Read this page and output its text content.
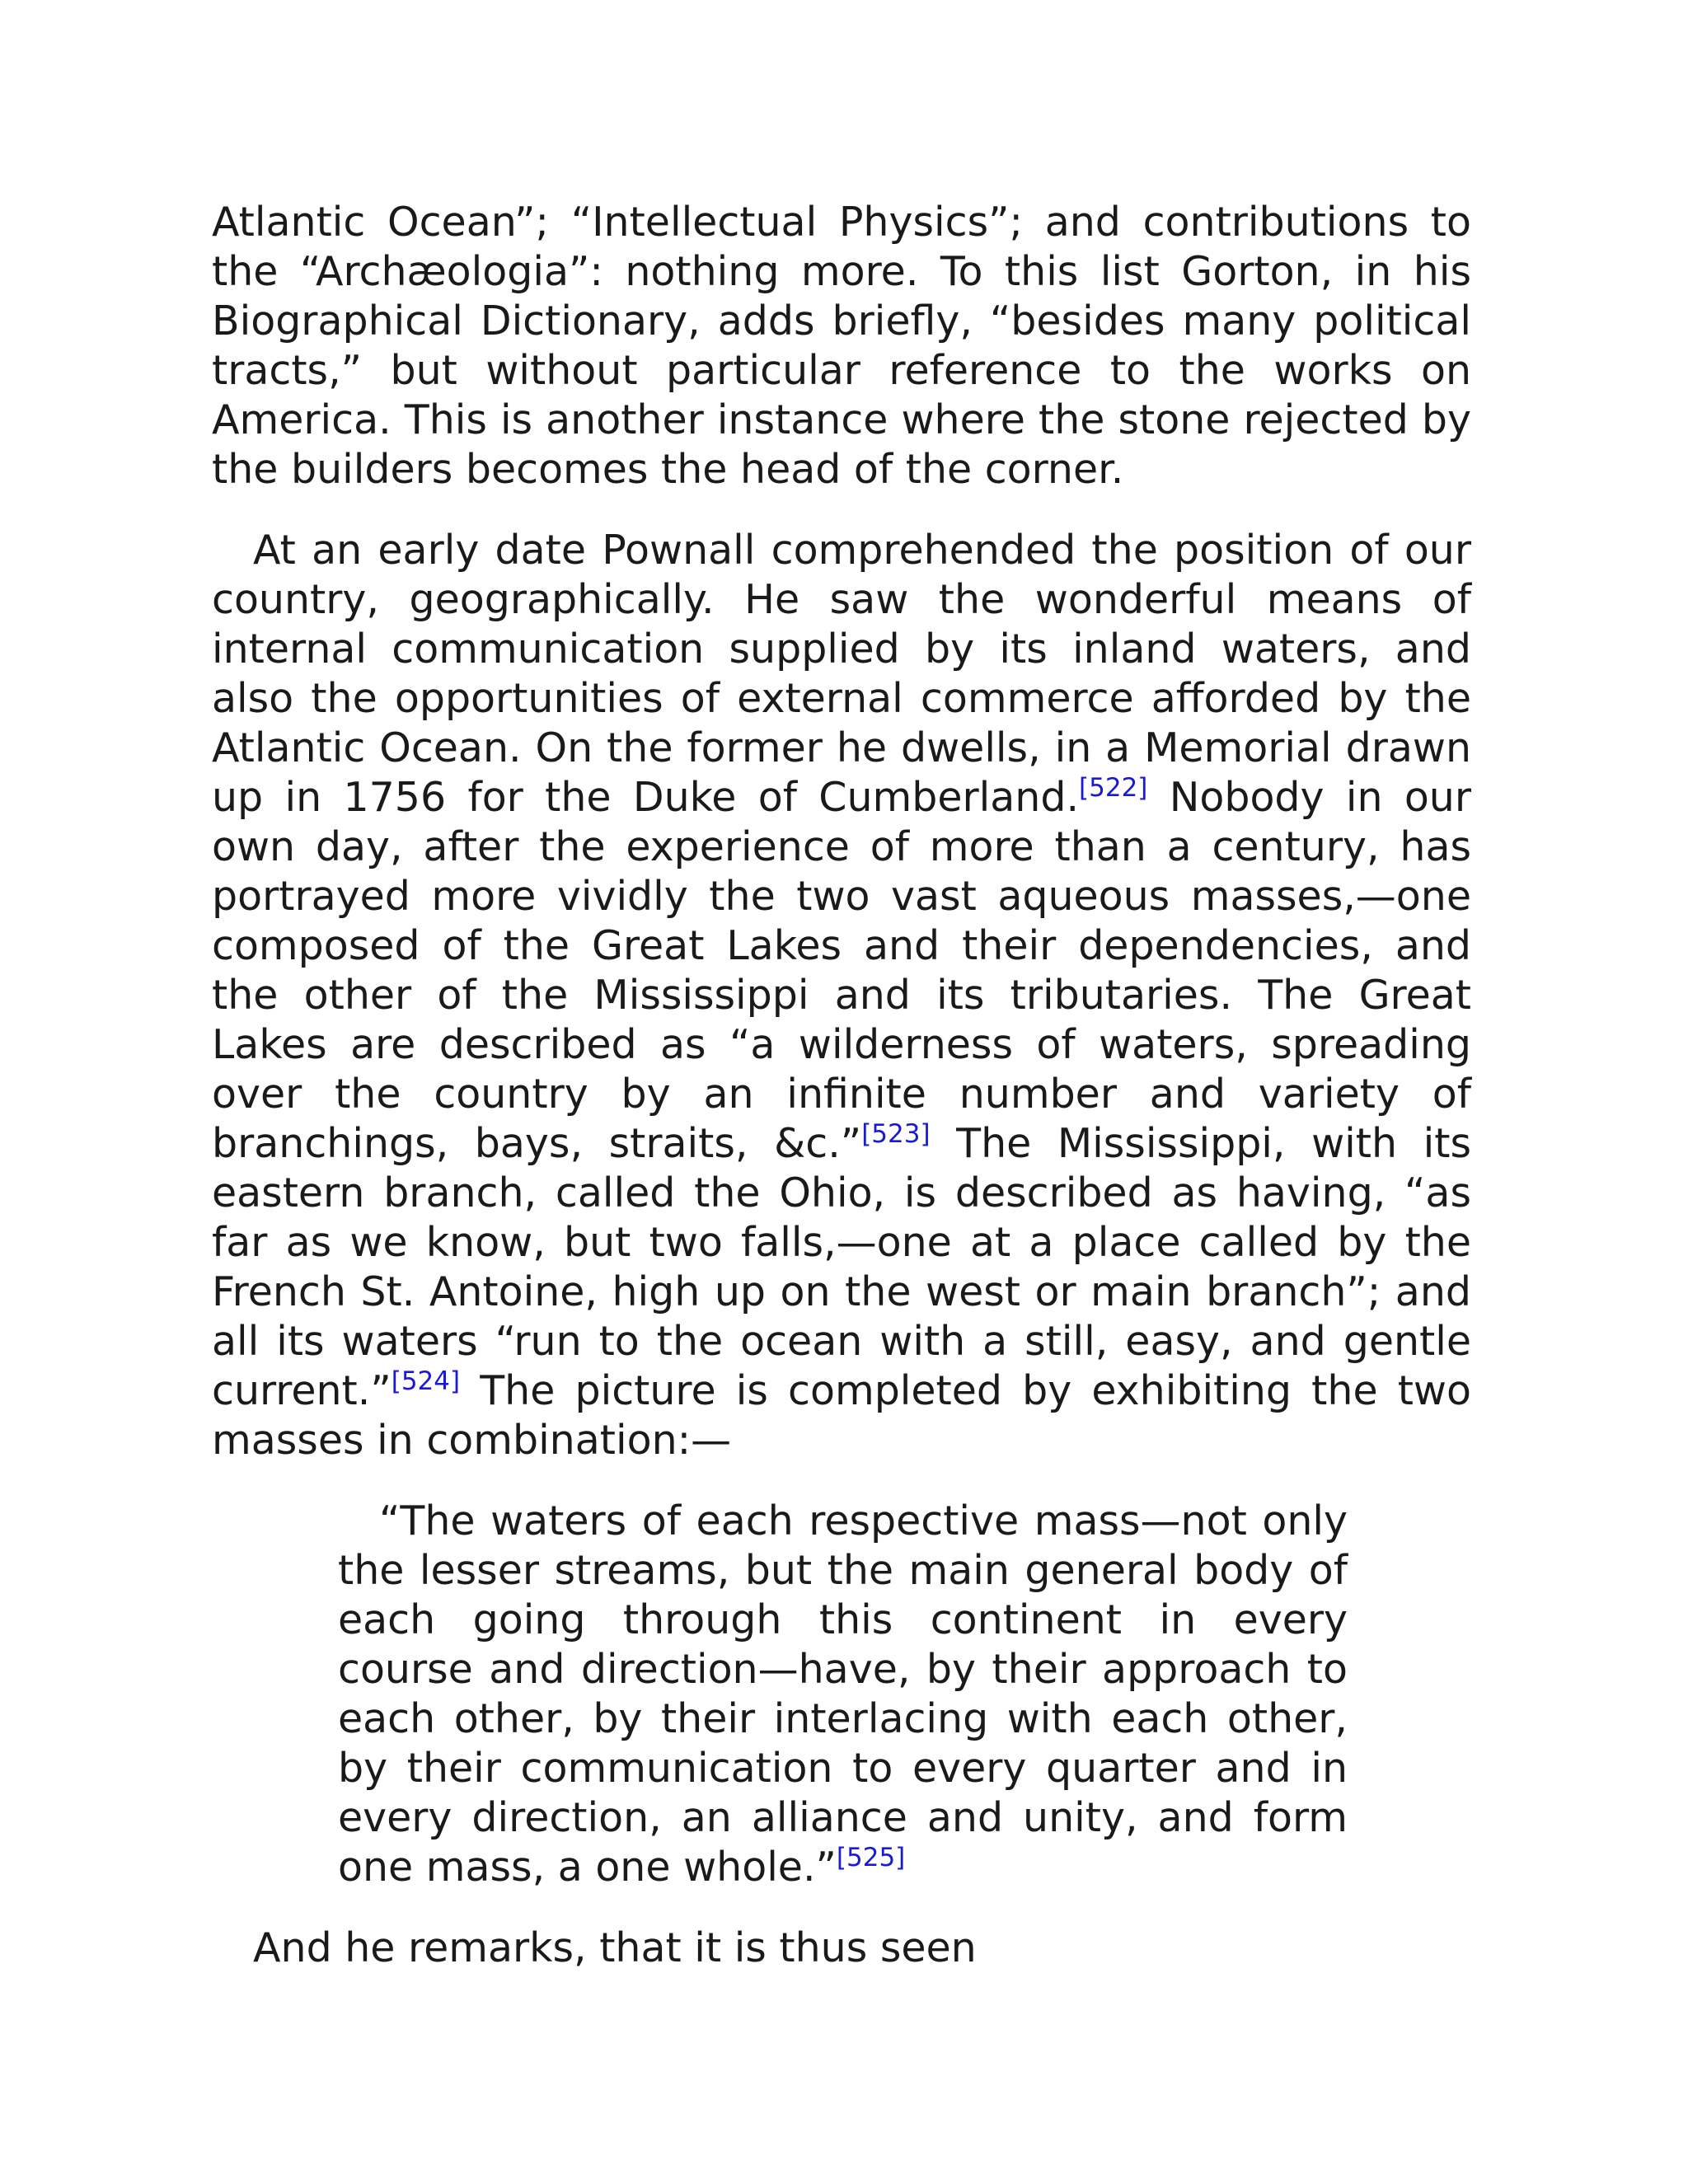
Atlantic Ocean”; “Intellectual Physics”; and contributions to the “Archæologia”: nothing more. To this list Gorton, in his Biographical Dictionary, adds briefly, “besides many political tracts,” but without particular reference to the works on America. This is another instance where the stone rejected by the builders becomes the head of the corner.

At an early date Pownall comprehended the position of our country, geographically. He saw the wonderful means of internal communication supplied by its inland waters, and also the opportunities of external commerce afforded by the Atlantic Ocean. On the former he dwells, in a Memorial drawn up in 1756 for the Duke of Cumberland.[522] Nobody in our own day, after the experience of more than a century, has portrayed more vividly the two vast aqueous masses,—one composed of the Great Lakes and their dependencies, and the other of the Mississippi and its tributaries. The Great Lakes are described as “a wilderness of waters, spreading over the country by an infinite number and variety of branchings, bays, straits, &c.”[523] The Mississippi, with its eastern branch, called the Ohio, is described as having, “as far as we know, but two falls,—one at a place called by the French St. Antoine, high up on the west or main branch”; and all its waters “run to the ocean with a still, easy, and gentle current.”[524] The picture is completed by exhibiting the two masses in combination:—

“The waters of each respective mass—not only the lesser streams, but the main general body of each going through this continent in every course and direction—have, by their approach to each other, by their interlacing with each other, by their communication to every quarter and in every direction, an alliance and unity, and form one mass, a one whole.”[525]

And he remarks, that it is thus seen
